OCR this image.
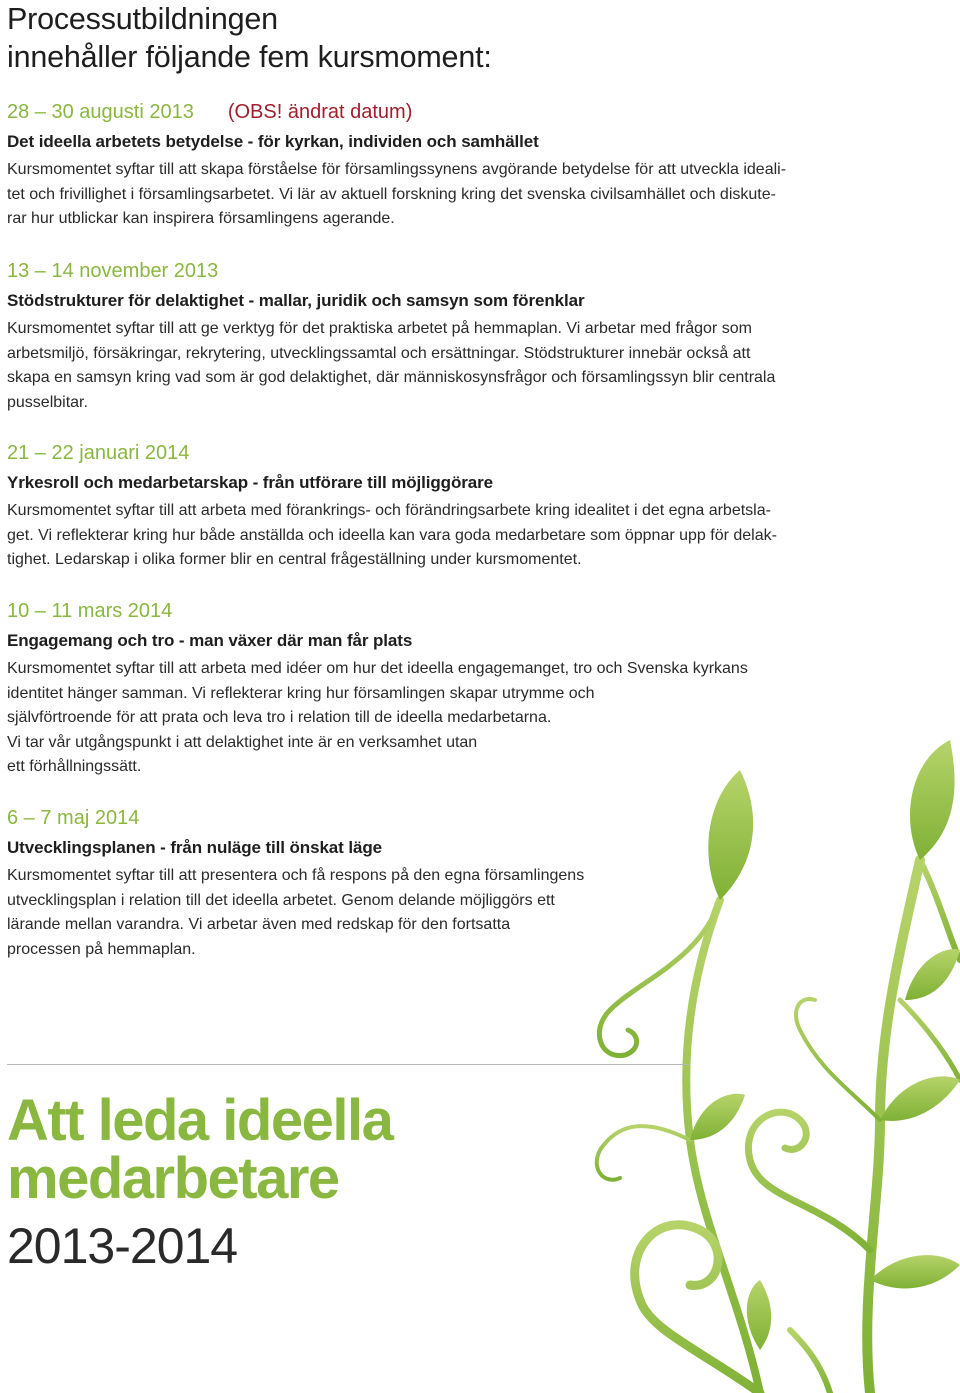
Processutbildningen
innehåller följande fem kursmoment:
28 – 30 augusti 2013 (OBS! ändrat datum)
Det ideella arbetets betydelse - för kyrkan, individen och samhället
Kursmomentet syftar till att skapa förståelse för församlingssynens avgörande betydelse för att utveckla ideali-
tet och frivillighet i församlingsarbetet. Vi lär av aktuell forskning kring det svenska civilsamhället och diskute-
rar hur utblickar kan inspirera församlingens agerande.
13 – 14 november 2013
Stödstrukturer för delaktighet - mallar, juridik och samsyn som förenklar
Kursmomentet syftar till att ge verktyg för det praktiska arbetet på hemmaplan. Vi arbetar med frågor som
arbetsmiljö, försäkringar, rekrytering, utvecklingssamtal och ersättningar. Stödstrukturer innebär också att
skapa en samsyn kring vad som är god delaktighet, där människosynsfrågor och församlingssyn blir centrala
pusselbitar.
21 – 22 januari 2014
Yrkesroll och medarbetarskap - från utförare till möjliggörare
Kursmomentet syftar till att arbeta med förankrings- och förändringsarbete kring idealitet i det egna arbetsla-
get. Vi reflekterar kring hur både anställda och ideella kan vara goda medarbetare som öppnar upp för delak-
tighet. Ledarskap i olika former blir en central frågeställning under kursmomentet.
10 – 11 mars 2014
Engagemang och tro - man växer där man får plats
Kursmomentet syftar till att arbeta med idéer om hur det ideella engagemanget, tro och Svenska kyrkans
identitet hänger samman. Vi reflekterar kring hur församlingen skapar utrymme och
självförtroende för att prata och leva tro i relation till de ideella medarbetarna.
Vi tar vår utgångspunkt i att delaktighet inte är en verksamhet utan
ett förhållningssätt.
6 – 7 maj 2014
Utvecklingsplanen - från nuläge till önskat läge
Kursmomentet syftar till att presentera och få respons på den egna församlingens
utvecklingsplan i relation till det ideella arbetet. Genom delande möjliggörs ett
lärande mellan varandra. Vi arbetar även med redskap för den fortsatta
processen på hemmaplan.
Att leda ideella
medarbetare
2013-2014
